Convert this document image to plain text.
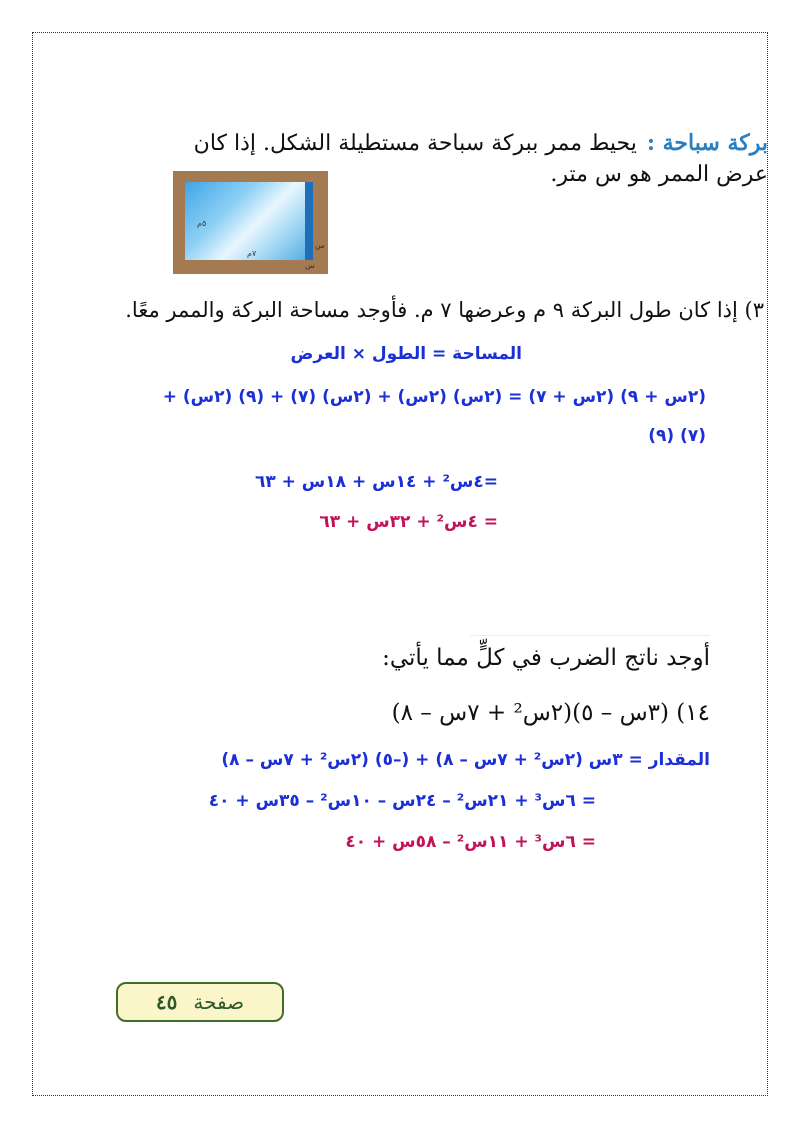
بركة سباحة :يحيط ممر ببركة سباحة مستطيلة الشكل. إذا كان
عرض الممر هو س متر.
٥م
٧م
س
س
٣) إذا كان طول البركة ٩ م وعرضها ٧ م. فأوجد مساحة البركة والممر معًا.
المساحة = الطول × العرض
(٢س + ٩) (٢س + ٧) = (٢س) (٢س) + (٢س) (٧) + (٩) (٢س) +
(٧) (٩)
=٤س² + ١٤س + ١٨س + ٦٣
= ٤س² + ٣٢س + ٦٣
أوجد ناتج الضرب في كلٍّ مما يأتي:
١٤) (٣س – ٥)(٢س² + ٧س – ٨)
المقدار = ٣س (٢س² + ٧س – ٨) + (–٥) (٢س² + ٧س – ٨)
= ٦س³ + ٢١س² – ٢٤س – ١٠س² – ٣٥س + ٤٠
= ٦س³ + ١١س² – ٥٨س + ٤٠
صفحة
٤٥
